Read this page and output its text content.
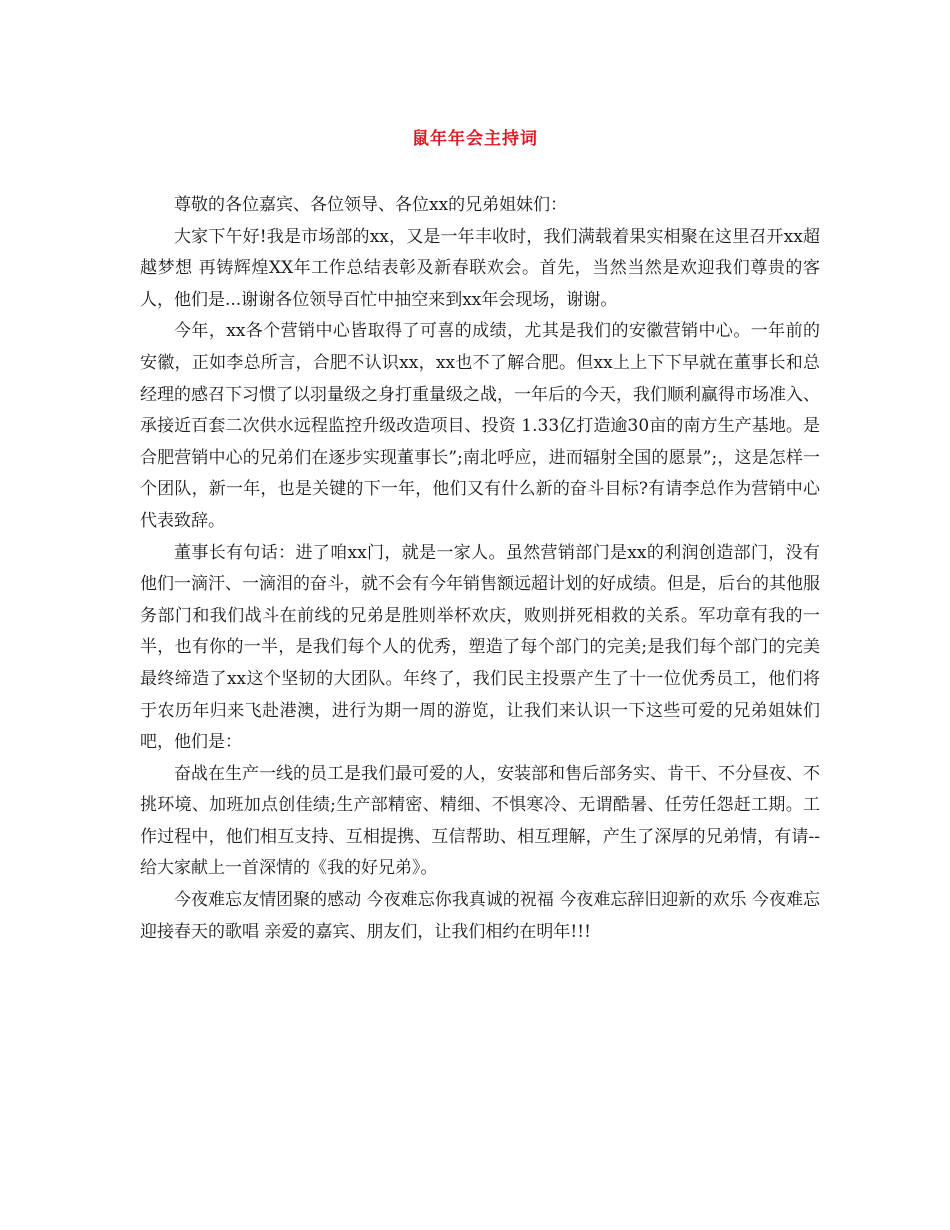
鼠年年会主持词

尊敬的各位嘉宾、各位领导、各位xx的兄弟姐妹们：

大家下午好!我是市场部的xx，又是一年丰收时，我们满载着果实相聚在这里召开xx超越梦想 再铸辉煌XX年工作总结表彰及新春联欢会。首先，当然当然是欢迎我们尊贵的客人，他们是...谢谢各位领导百忙中抽空来到xx年会现场，谢谢。

今年，xx各个营销中心皆取得了可喜的成绩，尤其是我们的安徽营销中心。一年前的安徽，正如李总所言，合肥不认识xx，xx也不了解合肥。但xx上上下下早就在董事长和总经理的感召下习惯了以羽量级之身打重量级之战，一年后的今天，我们顺利赢得市场准入、承接近百套二次供水远程监控升级改造项目、投资 1.33亿打造逾30亩的南方生产基地。是合肥营销中心的兄弟们在逐步实现董事长”;南北呼应，进而辐射全国的愿景”;，这是怎样一个团队，新一年，也是关键的下一年，他们又有什么新的奋斗目标?有请李总作为营销中心代表致辞。

董事长有句话：进了咱xx门，就是一家人。虽然营销部门是xx的利润创造部门，没有他们一滴汗、一滴泪的奋斗，就不会有今年销售额远超计划的好成绩。但是，后台的其他服务部门和我们战斗在前线的兄弟是胜则举杯欢庆，败则拼死相救的关系。军功章有我的一半，也有你的一半，是我们每个人的优秀，塑造了每个部门的完美;是我们每个部门的完美最终缔造了xx这个坚韧的大团队。年终了，我们民主投票产生了十一位优秀员工，他们将于农历年归来飞赴港澳，进行为期一周的游览，让我们来认识一下这些可爱的兄弟姐妹们吧，他们是：

奋战在生产一线的员工是我们最可爱的人，安装部和售后部务实、肯干、不分昼夜、不挑环境、加班加点创佳绩;生产部精密、精细、不惧寒冷、无谓酷暑、任劳任怨赶工期。工作过程中，他们相互支持、互相提携、互信帮助、相互理解，产生了深厚的兄弟情，有请--给大家献上一首深情的《我的好兄弟》。

今夜难忘友情团聚的感动 今夜难忘你我真诚的祝福 今夜难忘辞旧迎新的欢乐 今夜难忘迎接春天的歌唱 亲爱的嘉宾、朋友们，让我们相约在明年!!!
